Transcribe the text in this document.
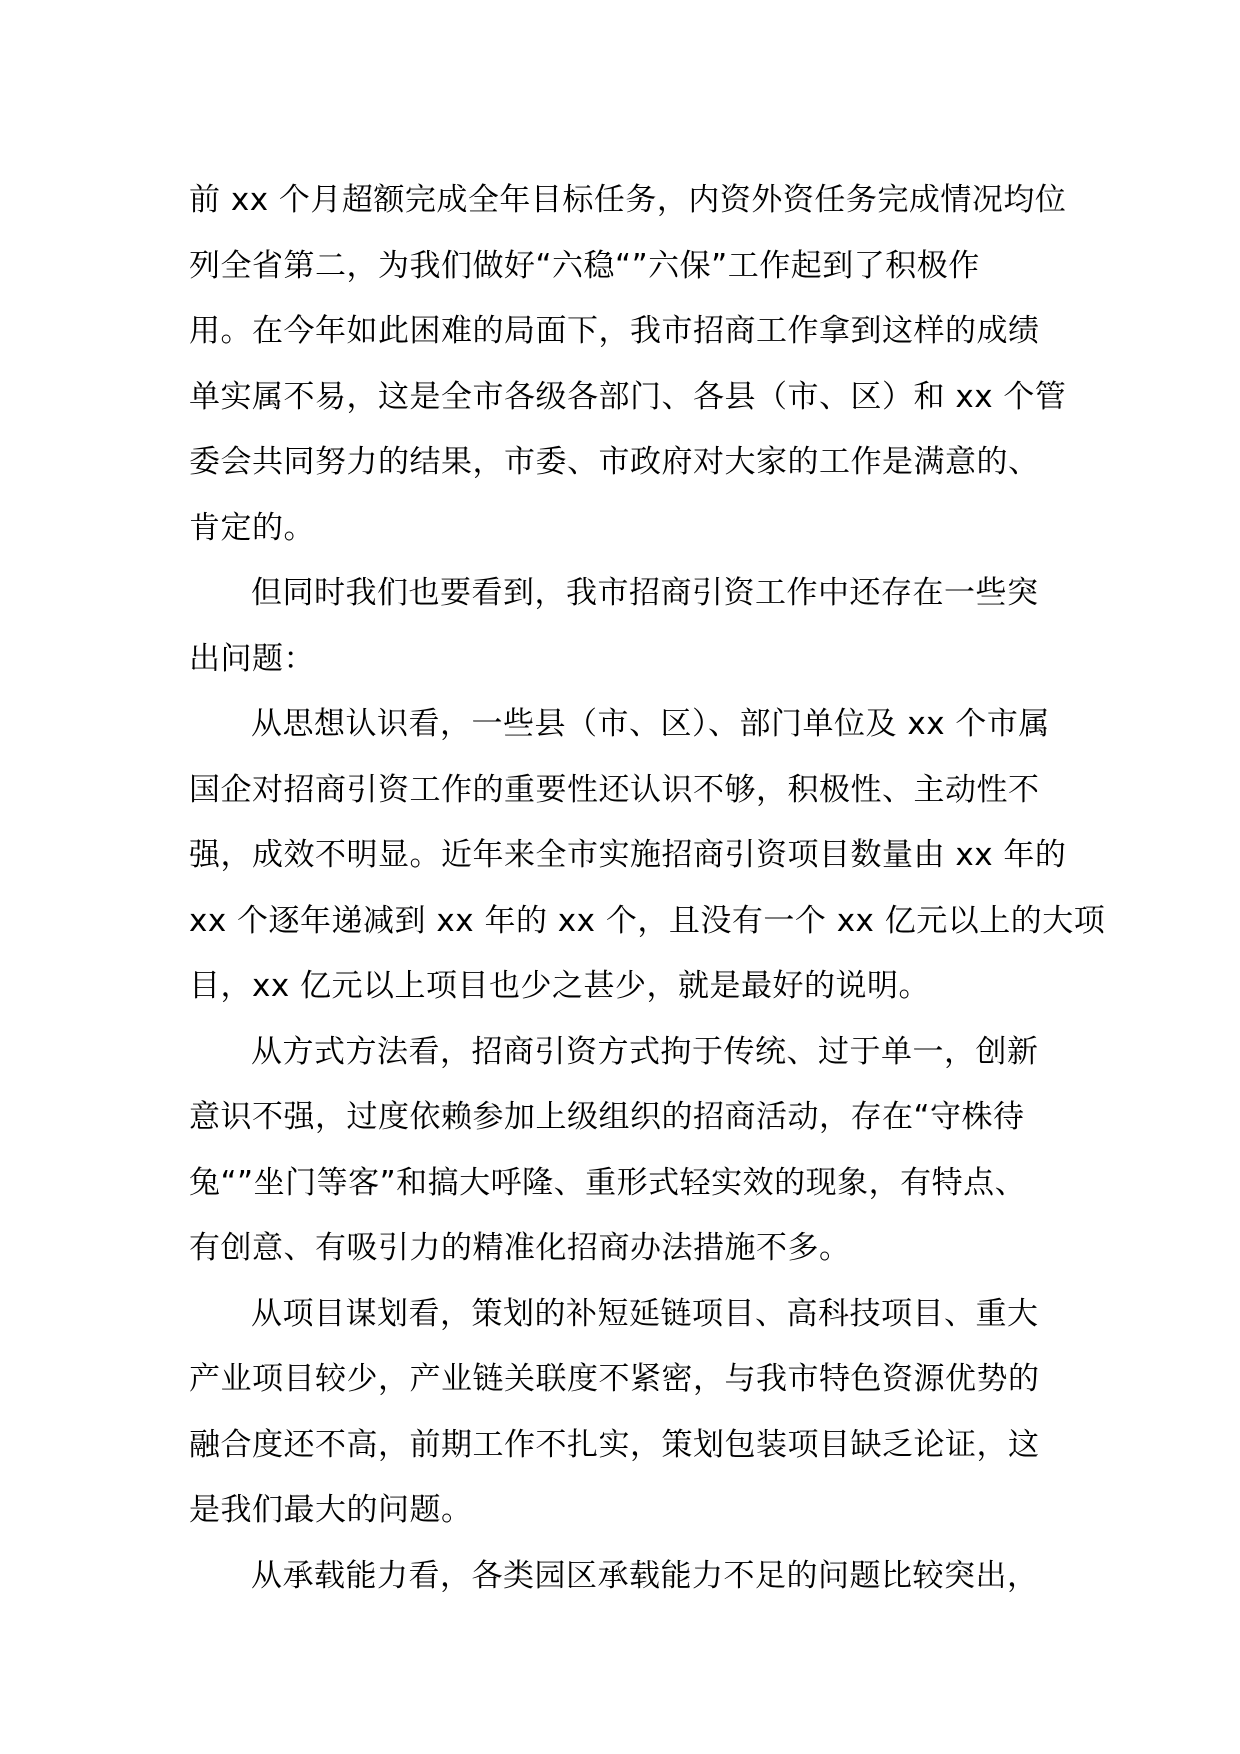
前 xx 个月超额完成全年目标任务，内资外资任务完成情况均位
列全省第二，为我们做好“六稳“”六保”工作起到了积极作
用。在今年如此困难的局面下，我市招商工作拿到这样的成绩
单实属不易，这是全市各级各部门、各县（市、区）和 xx 个管
委会共同努力的结果，市委、市政府对大家的工作是满意的、
肯定的。
但同时我们也要看到，我市招商引资工作中还存在一些突
出问题：
从思想认识看，一些县（市、区）、部门单位及 xx 个市属
国企对招商引资工作的重要性还认识不够，积极性、主动性不
强，成效不明显。近年来全市实施招商引资项目数量由 xx 年的
xx 个逐年递减到 xx 年的 xx 个，且没有一个 xx 亿元以上的大项
目，xx 亿元以上项目也少之甚少，就是最好的说明。
从方式方法看，招商引资方式拘于传统、过于单一，创新
意识不强，过度依赖参加上级组织的招商活动，存在“守株待
兔“”坐门等客”和搞大呼隆、重形式轻实效的现象，有特点、
有创意、有吸引力的精准化招商办法措施不多。
从项目谋划看，策划的补短延链项目、高科技项目、重大
产业项目较少，产业链关联度不紧密，与我市特色资源优势的
融合度还不高，前期工作不扎实，策划包装项目缺乏论证，这
是我们最大的问题。
从承载能力看，各类园区承载能力不足的问题比较突出，
